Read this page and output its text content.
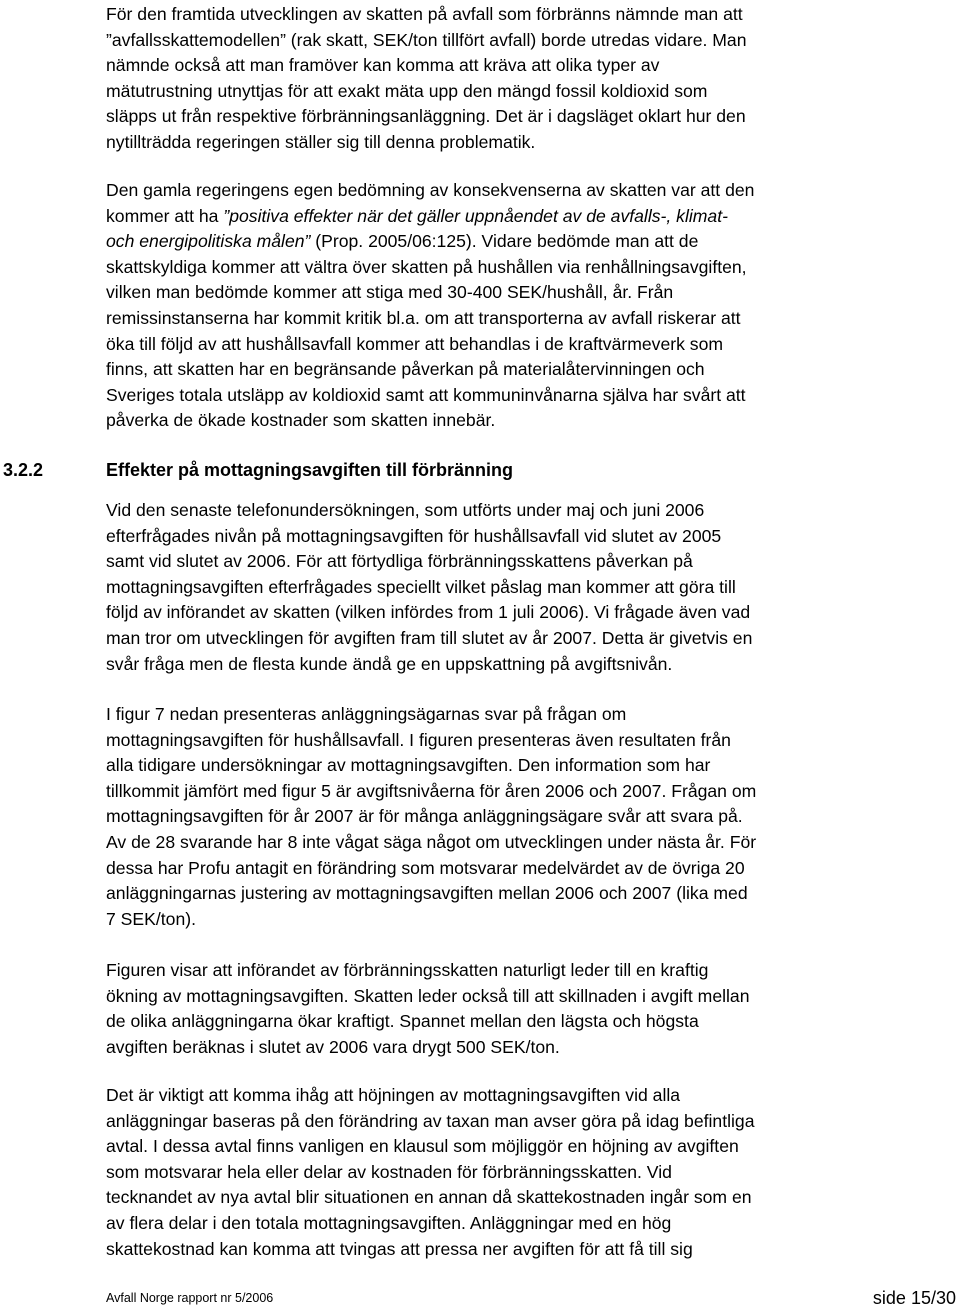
För den framtida utvecklingen av skatten på avfall som förbränns nämnde man att
”avfallsskattemodellen” (rak skatt, SEK/ton tillfört avfall) borde utredas vidare. Man
nämnde också att man framöver kan komma att kräva att olika typer av
mätutrustning utnyttjas för att exakt mäta upp den mängd fossil koldioxid som
släpps ut från respektive förbränningsanläggning. Det är i dagsläget oklart hur den
nytillträdda regeringen ställer sig till denna problematik.
Den gamla regeringens egen bedömning av konsekvenserna av skatten var att den
kommer att ha ”positiva effekter när det gäller uppnåendet av de avfalls-, klimat-
och energipolitiska målen” (Prop. 2005/06:125). Vidare bedömde man att de
skattskyldiga kommer att vältra över skatten på hushållen via renhållningsavgiften,
vilken man bedömde kommer att stiga med 30-400 SEK/hushåll, år. Från
remissinstanserna har kommit kritik bl.a. om att transporterna av avfall riskerar att
öka till följd av att hushållsavfall kommer att behandlas i de kraftvärmeverk som
finns, att skatten har en begränsande påverkan på materialåtervinningen och
Sveriges totala utsläpp av koldioxid samt att kommuninvånarna själva har svårt att
påverka de ökade kostnader som skatten innebär.
3.2.2	Effekter på mottagningsavgiften till förbränning
Vid den senaste telefonundersökningen, som utförts under maj och juni 2006
efterfrågades nivån på mottagningsavgiften för hushållsavfall vid slutet av 2005
samt vid slutet av 2006. För att förtydliga förbränningsskattens påverkan på
mottagningsavgiften efterfrågades speciellt vilket påslag man kommer att göra till
följd av införandet av skatten (vilken infördes from 1 juli 2006). Vi frågade även vad
man tror om utvecklingen för avgiften fram till slutet av år 2007. Detta är givetvis en
svår fråga men de flesta kunde ändå ge en uppskattning på avgiftsnivån.
I figur 7 nedan presenteras anläggningsägarnas svar på frågan om
mottagningsavgiften för hushållsavfall. I figuren presenteras även resultaten från
alla tidigare undersökningar av mottagningsavgiften. Den information som har
tillkommit jämfört med figur 5 är avgiftsnivåerna för åren 2006 och 2007. Frågan om
mottagningsavgiften för år 2007 är för många anläggningsägare svår att svara på.
Av de 28 svarande har 8 inte vågat säga något om utvecklingen under nästa år. För
dessa har Profu antagit en förändring som motsvarar medelvärdet av de övriga 20
anläggningarnas justering av mottagningsavgiften mellan 2006 och 2007 (lika med
7 SEK/ton).
Figuren visar att införandet av förbränningsskatten naturligt leder till en kraftig
ökning av mottagningsavgiften. Skatten leder också till att skillnaden i avgift mellan
de olika anläggningarna ökar kraftigt. Spannet mellan den lägsta och högsta
avgiften beräknas i slutet av 2006 vara drygt 500 SEK/ton.
Det är viktigt att komma ihåg att höjningen av mottagningsavgiften vid alla
anläggningar baseras på den förändring av taxan man avser göra på idag befintliga
avtal. I dessa avtal finns vanligen en klausul som möjliggör en höjning av avgiften
som motsvarar hela eller delar av kostnaden för förbränningsskatten. Vid
tecknandet av nya avtal blir situationen en annan då skattekostnaden ingår som en
av flera delar i den totala mottagningsavgiften. Anläggningar med en hög
skattekostnad kan komma att tvingas att pressa ner avgiften för att få till sig
Avfall Norge rapport nr 5/2006	side 15/30
